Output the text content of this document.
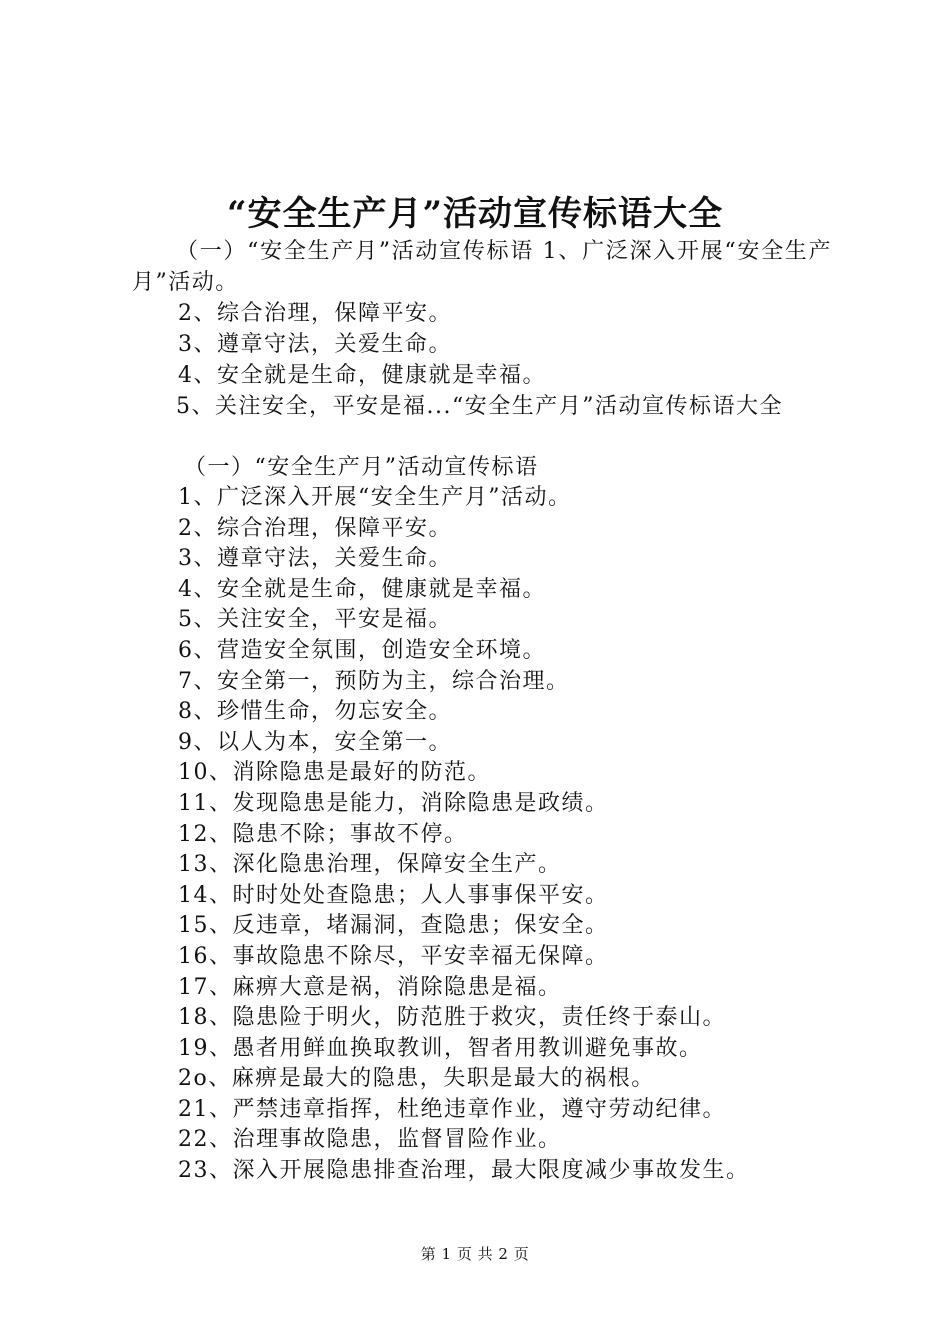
“安全生产月”活动宣传标语大全

（一）“安全生产月”活动宣传标语 1、广泛深入开展“安全生产月”活动。

2、综合治理，保障平安。

3、遵章守法，关爱生命。

4、安全就是生命，健康就是幸福。

5、关注安全，平安是福...“安全生产月”活动宣传标语大全

（一）“安全生产月”活动宣传标语

1、广泛深入开展“安全生产月”活动。
2、综合治理，保障平安。
3、遵章守法，关爱生命。
4、安全就是生命，健康就是幸福。
5、关注安全，平安是福。
6、营造安全氛围，创造安全环境。
7、安全第一，预防为主，综合治理。
8、珍惜生命，勿忘安全。
9、以人为本，安全第一。
10、消除隐患是最好的防范。
11、发现隐患是能力，消除隐患是政绩。
12、隐患不除；事故不停。
13、深化隐患治理，保障安全生产。
14、时时处处查隐患；人人事事保平安。
15、反违章，堵漏洞，查隐患；保安全。
16、事故隐患不除尽，平安幸福无保障。
17、麻痹大意是祸，消除隐患是福。
18、隐患险于明火，防范胜于救灾，责任终于泰山。
19、愚者用鲜血换取教训，智者用教训避免事故。
2o、麻痹是最大的隐患，失职是最大的祸根。
21、严禁违章指挥，杜绝违章作业，遵守劳动纪律。
22、治理事故隐患，监督冒险作业。
23、深入开展隐患排查治理，最大限度减少事故发生。
第 1 页 共 2 页
